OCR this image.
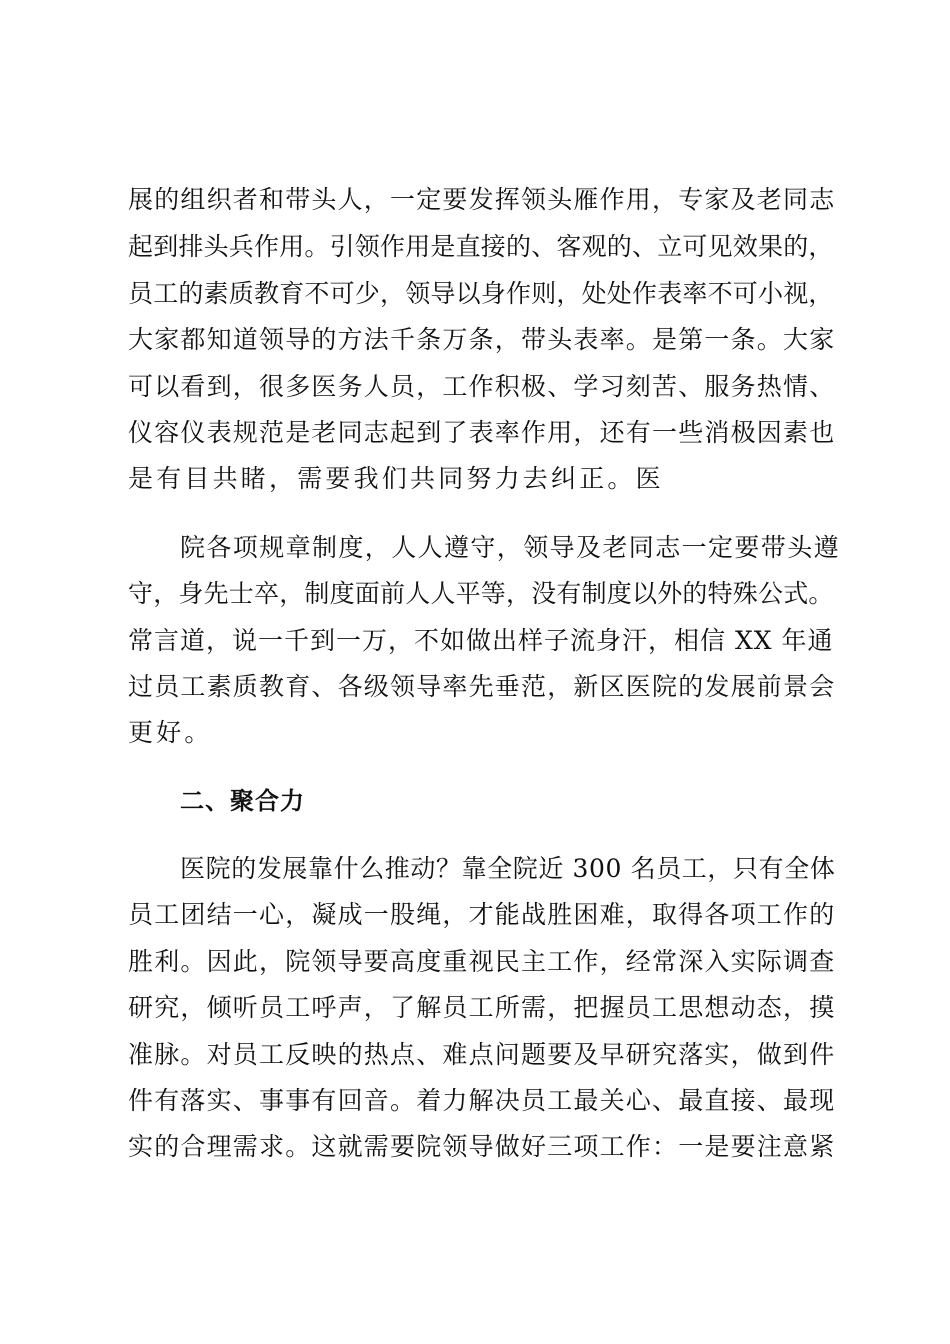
展的组织者和带头人，一定要发挥领头雁作用，专家及老同志
起到排头兵作用。引领作用是直接的、客观的、立可见效果的，
员工的素质教育不可少，领导以身作则，处处作表率不可小视，
大家都知道领导的方法千条万条，带头表率。是第一条。大家
可以看到，很多医务人员，工作积极、学习刻苦、服务热情、
仪容仪表规范是老同志起到了表率作用，还有一些消极因素也
是有目共睹，需要我们共同努力去纠正。医
院各项规章制度，人人遵守，领导及老同志一定要带头遵
守，身先士卒，制度面前人人平等，没有制度以外的特殊公式。
常言道，说一千到一万，不如做出样子流身汗，相信 XX 年通
过员工素质教育、各级领导率先垂范，新区医院的发展前景会
更好。
二、聚合力
医院的发展靠什么推动？靠全院近 300 名员工，只有全体
员工团结一心，凝成一股绳，才能战胜困难，取得各项工作的
胜利。因此，院领导要高度重视民主工作，经常深入实际调查
研究，倾听员工呼声，了解员工所需，把握员工思想动态，摸
准脉。对员工反映的热点、难点问题要及早研究落实，做到件
件有落实、事事有回音。着力解决员工最关心、最直接、最现
实的合理需求。这就需要院领导做好三项工作：一是要注意紧
